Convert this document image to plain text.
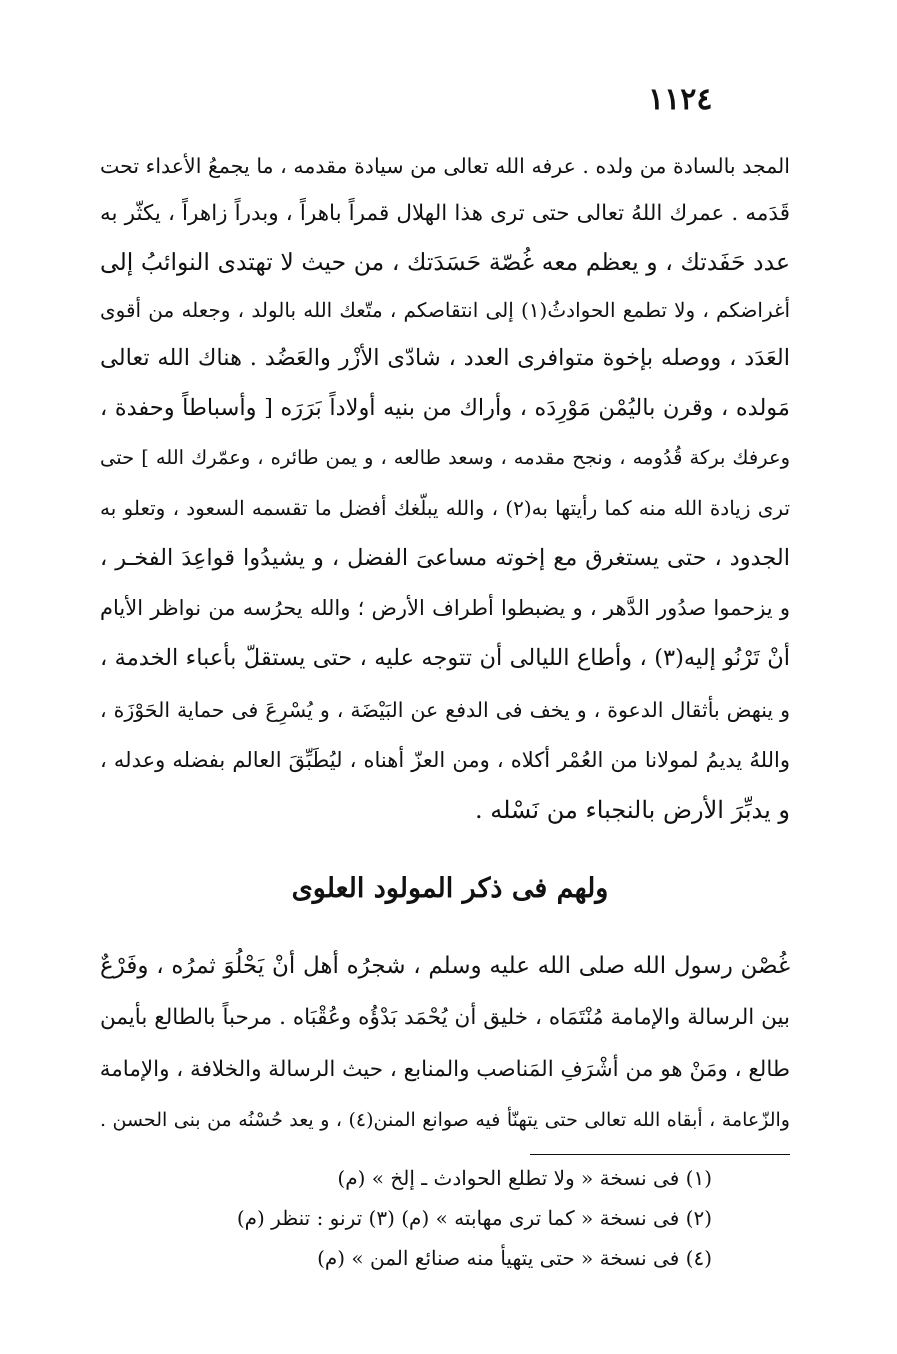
١١٢٤
المجد بالسادة من ولده . عرفه الله تعالى من سيادة مقدمه ، ما يجمعُ الأعداء تحت
قَدَمه . عمرك اللهُ تعالى حتى ترى هذا الهلال قمراً باهراً ، وبدراً زاهراً ، يكثّر به
عدد حَفَدتك ، و يعظم معه غُصّة حَسَدَتك ، من حيث لا تهتدى النوائبُ إلى
أغراضكم ، ولا تطمع الحوادثُ(١) إلى انتقاصكم ، متّعك الله بالولد ، وجعله من أقوى
العَدَد ، ووصله بإخوة متوافرى العدد ، شادّى الأزْر والعَضُد . هناك الله تعالى
مَولده ، وقرن باليُمْن مَوْرِدَه ، وأراك من بنيه أولاداً بَرَرَه [ وأسباطاً وحفدة ،
وعرفك بركة قُدُومه ، ونجح مقدمه ، وسعد طالعه ، و يمن طائره ، وعمّرك الله ] حتى
ترى زيادة الله منه كما رأيتها به(٢) ، والله يبلّغك أفضل ما تقسمه السعود ، وتعلو به
الجدود ، حتى يستغرق مع إخوته مساعىَ الفضل ، و يشيدُوا قواعِدَ الفخـر ،
و يزحموا صدُور الدَّهر ، و يضبطوا أطراف الأرض ؛ والله يحرُسه من نواظر الأيام
أنْ تَرْنُو إليه(٣) ، وأطاع الليالى أن تتوجه عليه ، حتى يستقلّ بأعباء الخدمة ،
و ينهض بأثقال الدعوة ، و يخف فى الدفع عن البَيْضَة ، و يُسْرِعَ فى حماية الحَوْزَة ،
واللهُ يديمُ لمولانا من العُمْر أكلاه ، ومن العزّ أهناه ، ليُطَبِّقَ العالم بفضله وعدله ،
و يدبِّرَ الأرض بالنجباء من نَسْله .
ولهم فى ذكر المولود العلوى
غُصْن رسول الله صلى الله عليه وسلم ، شجرُه أهل أنْ يَحْلُوَ ثمرُه ، وفَرْعٌ
بين الرسالة والإمامة مُنْتَمَاه ، خليق أن يُحْمَد بَدْؤُه وعُقْبَاه . مرحباً بالطالع بأيمن
طالع ، ومَنْ هو من أشْرَفِ المَناصب والمنابع ، حيث الرسالة والخلافة ، والإمامة
والزّعامة ، أبقاه الله تعالى حتى يتهنّأ فيه صوانع المنن(٤) ، و يعد حُسْنُه من بنى الحسن .
(١) فى نسخة « ولا تطلع الحوادث ـ إلخ » (م)
(٢) فى نسخة « كما ترى مهابته » (م) (٣) ترنو : تنظر (م)
(٤) فى نسخة « حتى يتهيأ منه صنائع المن » (م)
